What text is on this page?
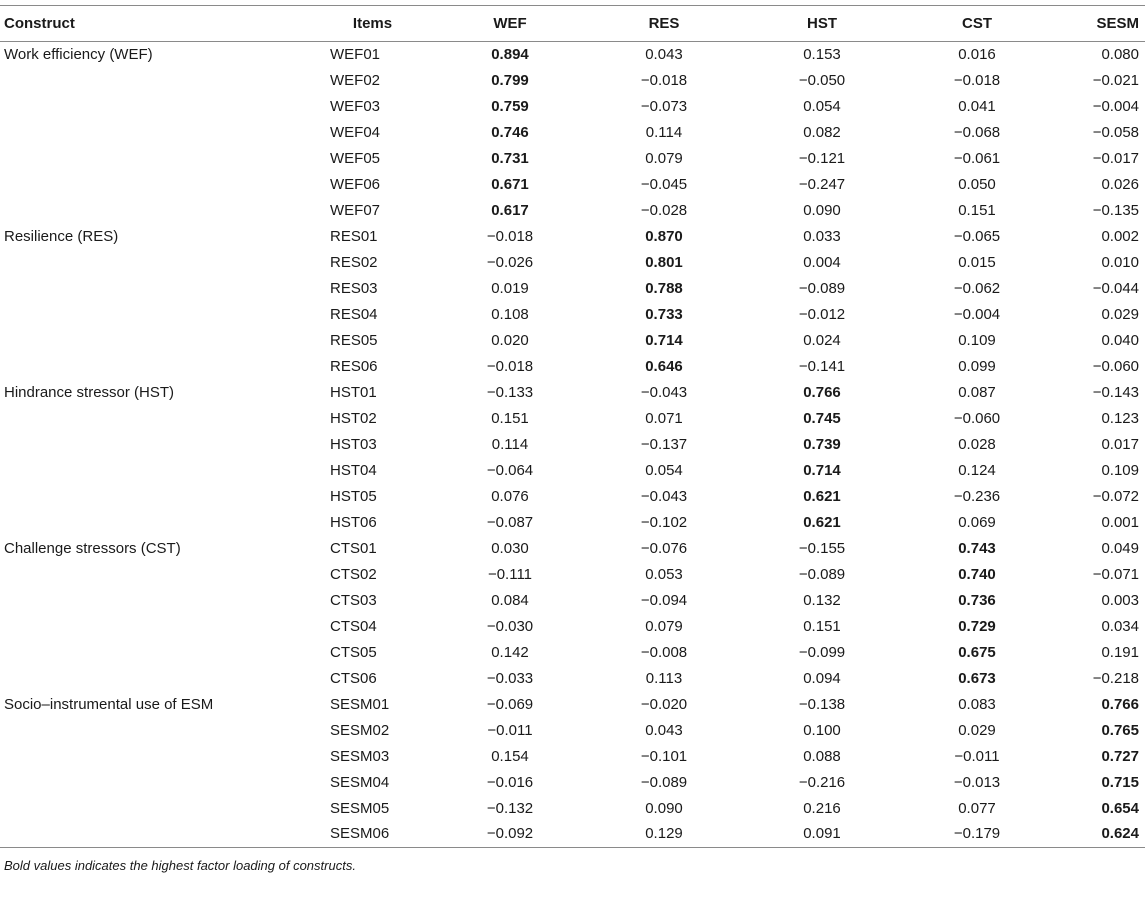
Construct	Items	WEF	RES	HST	CST	SESM
Work efficiency (WEF)	WEF01	0.894	0.043	0.153	0.016	0.080
	WEF02	0.799	−0.018	−0.050	−0.018	−0.021
	WEF03	0.759	−0.073	0.054	0.041	−0.004
	WEF04	0.746	0.114	0.082	−0.068	−0.058
	WEF05	0.731	0.079	−0.121	−0.061	−0.017
	WEF06	0.671	−0.045	−0.247	0.050	0.026
	WEF07	0.617	−0.028	0.090	0.151	−0.135
Resilience (RES)	RES01	−0.018	0.870	0.033	−0.065	0.002
	RES02	−0.026	0.801	0.004	0.015	0.010
	RES03	0.019	0.788	−0.089	−0.062	−0.044
	RES04	0.108	0.733	−0.012	−0.004	0.029
	RES05	0.020	0.714	0.024	0.109	0.040
	RES06	−0.018	0.646	−0.141	0.099	−0.060
Hindrance stressor (HST)	HST01	−0.133	−0.043	0.766	0.087	−0.143
	HST02	0.151	0.071	0.745	−0.060	0.123
	HST03	0.114	−0.137	0.739	0.028	0.017
	HST04	−0.064	0.054	0.714	0.124	0.109
	HST05	0.076	−0.043	0.621	−0.236	−0.072
	HST06	−0.087	−0.102	0.621	0.069	0.001
Challenge stressors (CST)	CTS01	0.030	−0.076	−0.155	0.743	0.049
	CTS02	−0.111	0.053	−0.089	0.740	−0.071
	CTS03	0.084	−0.094	0.132	0.736	0.003
	CTS04	−0.030	0.079	0.151	0.729	0.034
	CTS05	0.142	−0.008	−0.099	0.675	0.191
	CTS06	−0.033	0.113	0.094	0.673	−0.218
Socio–instrumental use of ESM	SESM01	−0.069	−0.020	−0.138	0.083	0.766
	SESM02	−0.011	0.043	0.100	0.029	0.765
	SESM03	0.154	−0.101	0.088	−0.011	0.727
	SESM04	−0.016	−0.089	−0.216	−0.013	0.715
	SESM05	−0.132	0.090	0.216	0.077	0.654
	SESM06	−0.092	0.129	0.091	−0.179	0.624
Bold values indicates the highest factor loading of constructs.
